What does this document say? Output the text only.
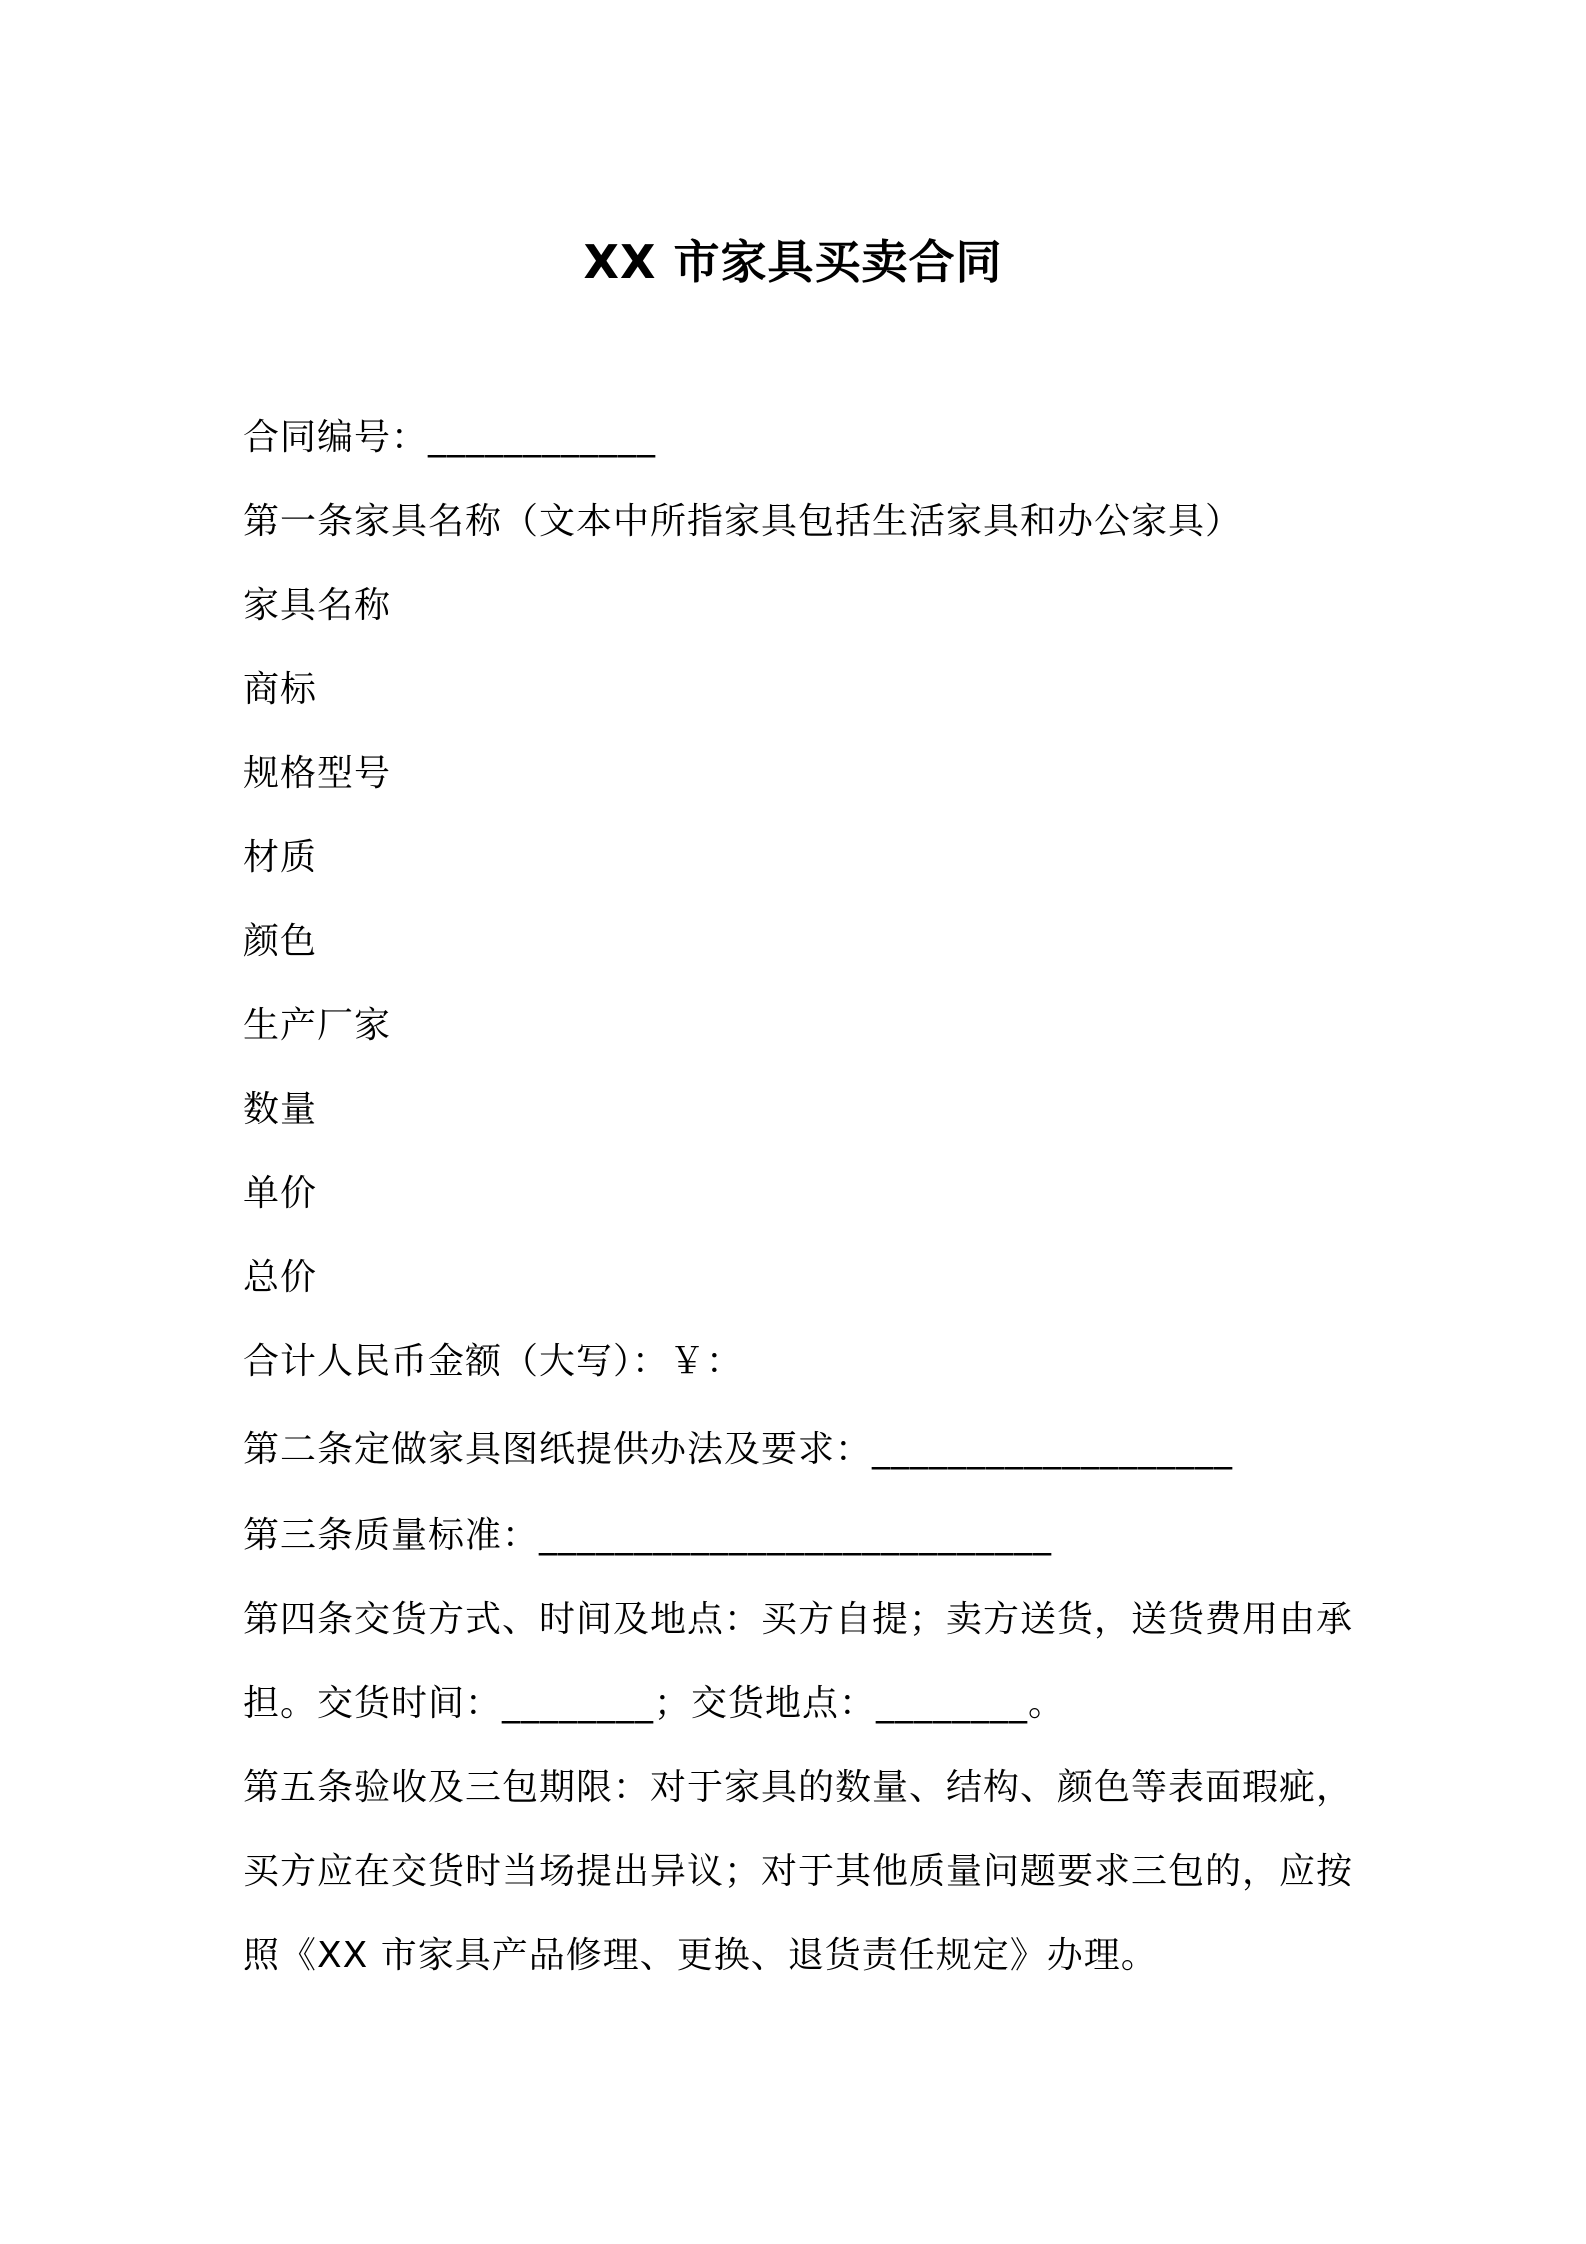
XX 市家具买卖合同
合同编号：____________
第一条家具名称（文本中所指家具包括生活家具和办公家具）
家具名称
商标
规格型号
材质
颜色
生产厂家
数量
单价
总价
合计人民币金额（大写）：￥：
第二条定做家具图纸提供办法及要求：___________________
第三条质量标准：___________________________
第四条交货方式、时间及地点：买方自提；卖方送货，送货费用由承
担。交货时间：________；交货地点：________。
第五条验收及三包期限：对于家具的数量、结构、颜色等表面瑕疵，
买方应在交货时当场提出异议；对于其他质量问题要求三包的，应按
照《XX 市家具产品修理、更换、退货责任规定》办理。
